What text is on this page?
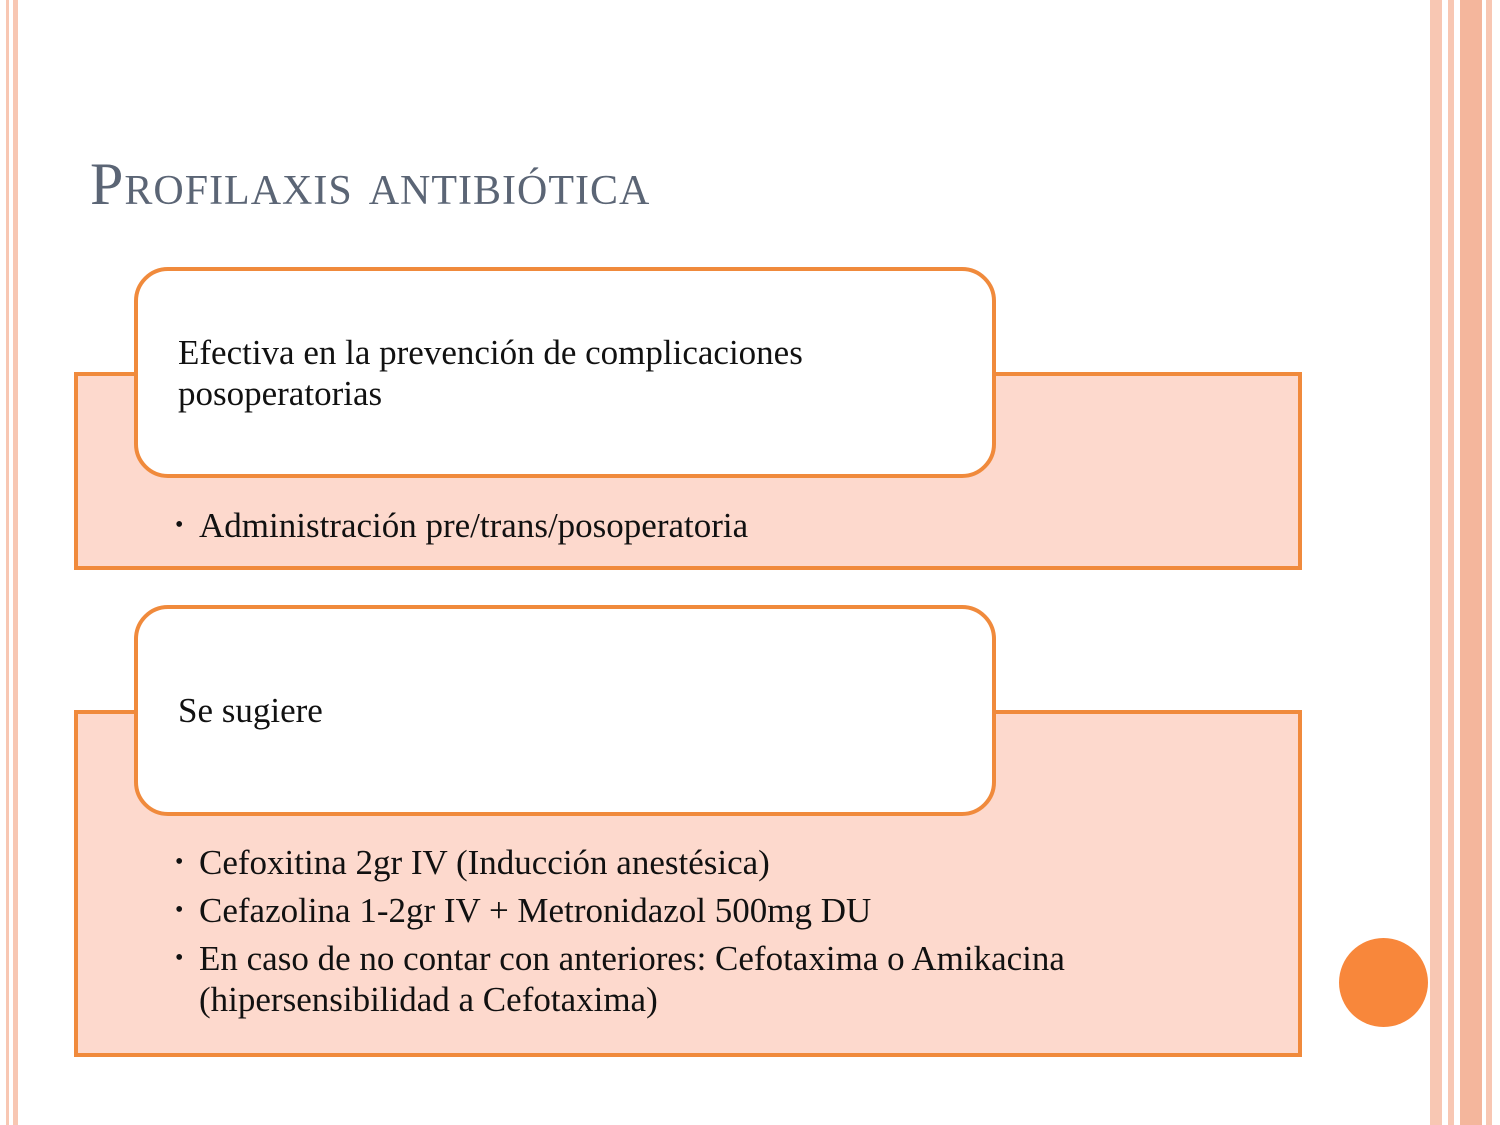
Profilaxis antibiótica
Efectiva en la prevención de complicaciones posoperatorias
• Administración pre/trans/posoperatoria
Se sugiere
• Cefoxitina 2gr IV (Inducción anestésica)
• Cefazolina 1-2gr IV + Metronidazol 500mg DU
• En caso de no contar con anteriores: Cefotaxima o Amikacina (hipersensibilidad a Cefotaxima)
